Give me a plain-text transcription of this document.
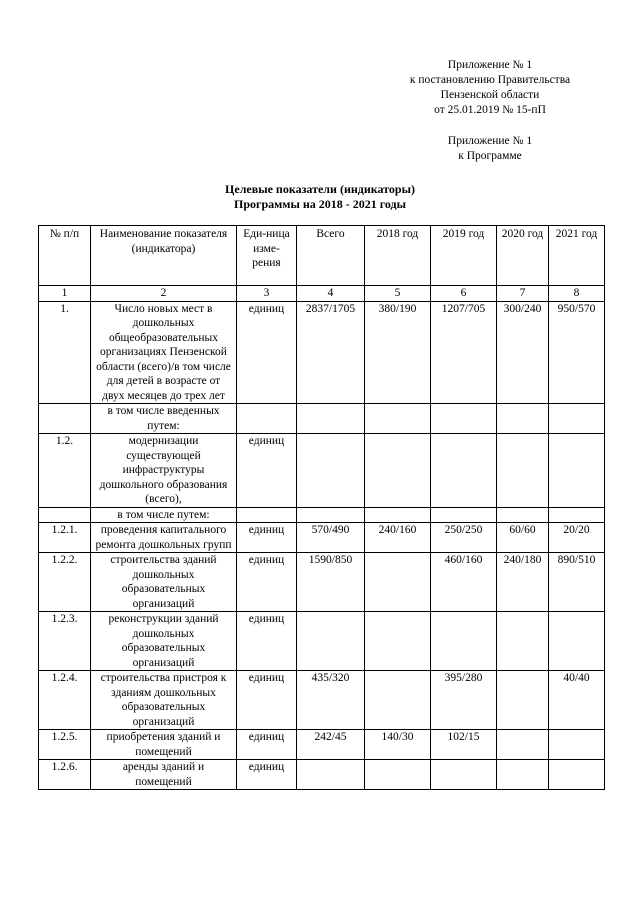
Приложение № 1
к постановлению Правительства
Пензенской области
от 25.01.2019 № 15-пП
Приложение № 1
к Программе
Целевые показатели (индикаторы)
Программы на 2018 - 2021 годы
№ п/п	Наименование показателя (индикатора)	Еди-ница изме-рения	Всего	2018 год	2019 год	2020 год	2021 год
1	2	3	4	5	6	7	8
1.	Число новых мест в дошкольных общеобразовательных организациях Пензенской области (всего)/в том числе для детей в возрасте от двух месяцев до трех лет	единиц	2837/1705	380/190	1207/705	300/240	950/570
	в том числе введенных путем:						
1.2.	модернизации существующей инфраструктуры дошкольного образования (всего),	единиц					
	в том числе путем:						
1.2.1.	проведения капитального ремонта дошкольных групп	единиц	570/490	240/160	250/250	60/60	20/20
1.2.2.	строительства зданий дошкольных образовательных организаций	единиц	1590/850		460/160	240/180	890/510
1.2.3.	реконструкции зданий дошкольных образовательных организаций	единиц					
1.2.4.	строительства пристроя к зданиям дошкольных образовательных организаций	единиц	435/320		395/280		40/40
1.2.5.	приобретения зданий и помещений	единиц	242/45	140/30	102/15		
1.2.6.	аренды зданий и помещений	единиц					
